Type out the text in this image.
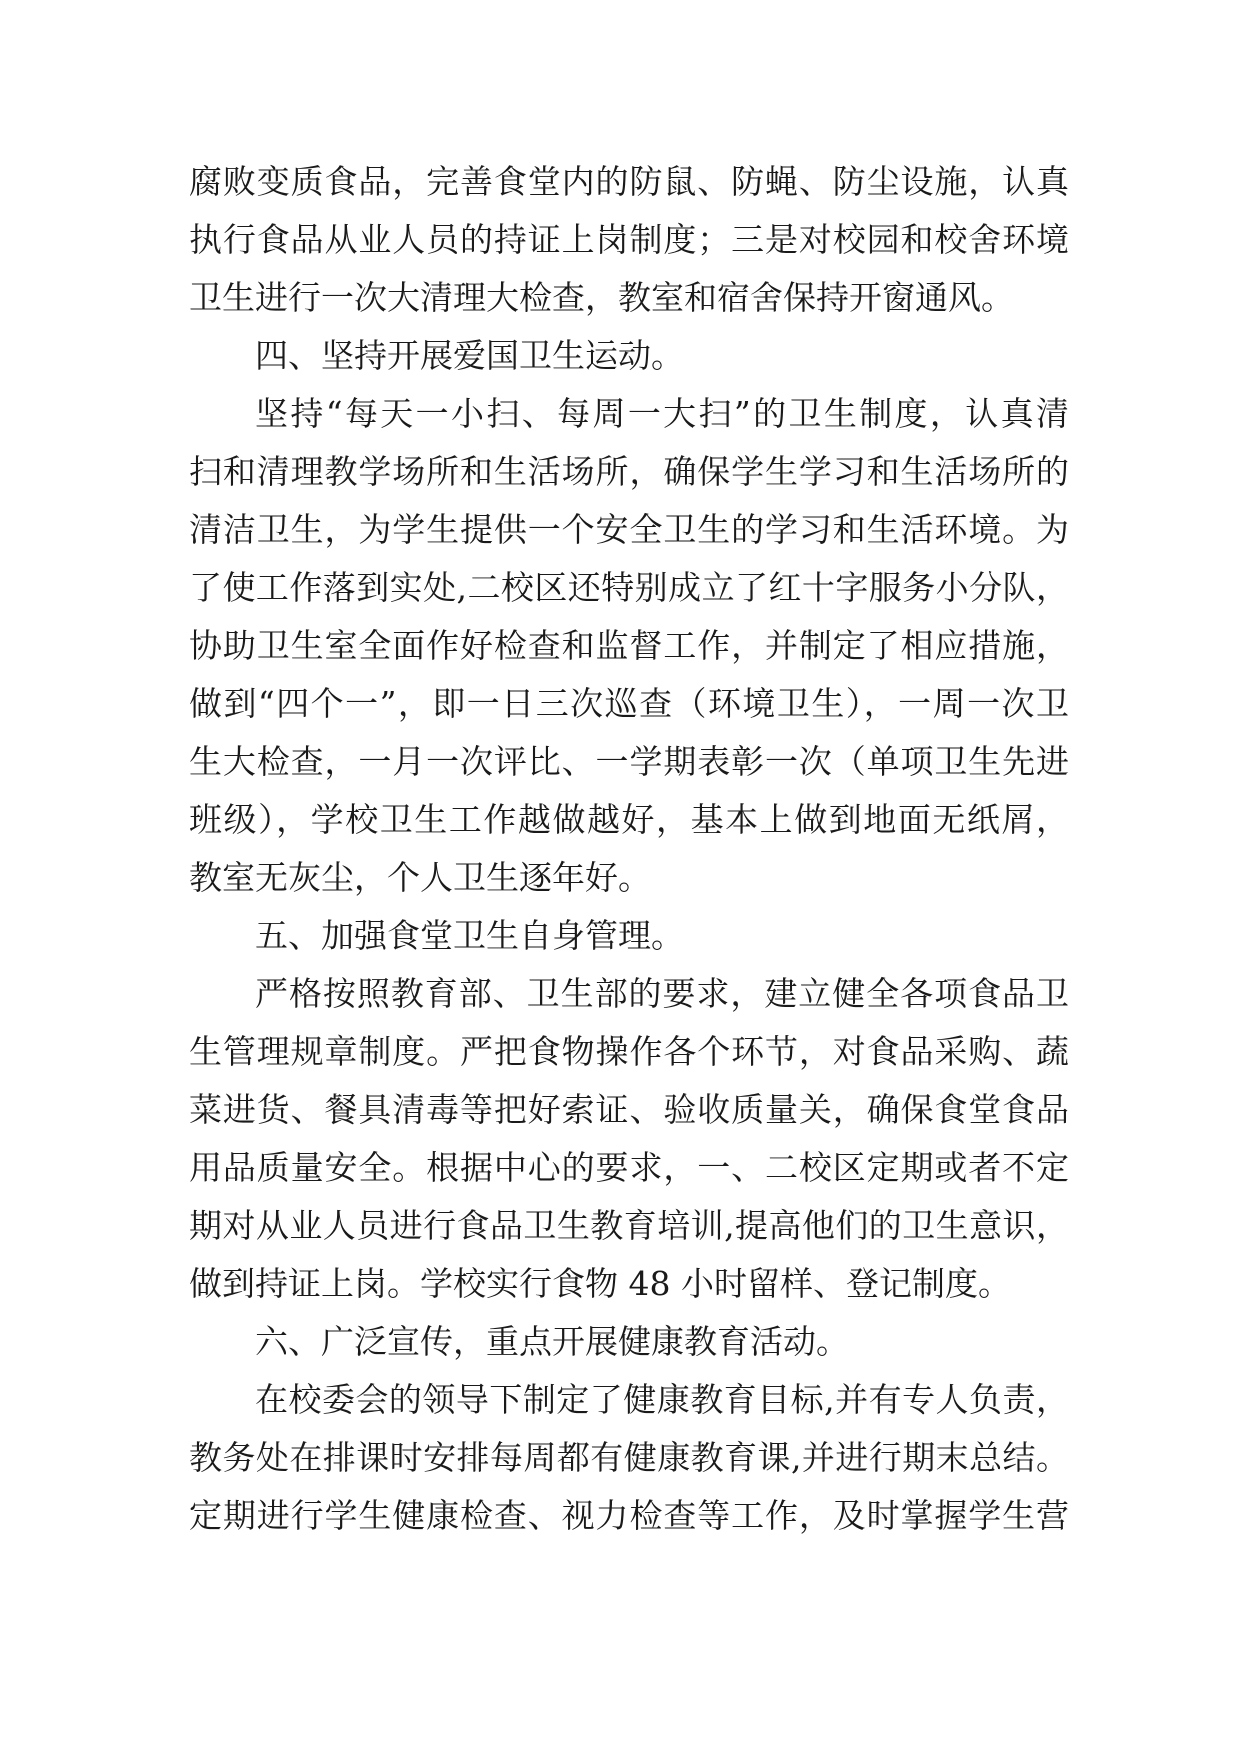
腐败变质食品，完善食堂内的防鼠、防蝇、防尘设施，认真
执行食品从业人员的持证上岗制度；三是对校园和校舍环境
卫生进行一次大清理大检查，教室和宿舍保持开窗通风。
四、坚持开展爱国卫生运动。
坚持“每天一小扫、每周一大扫”的卫生制度，认真清
扫和清理教学场所和生活场所，确保学生学习和生活场所的
清洁卫生，为学生提供一个安全卫生的学习和生活环境。为
了使工作落到实处,二校区还特别成立了红十字服务小分队，
协助卫生室全面作好检查和监督工作，并制定了相应措施，
做到“四个一”，即一日三次巡查（环境卫生），一周一次卫
生大检查，一月一次评比、一学期表彰一次（单项卫生先进
班级），学校卫生工作越做越好，基本上做到地面无纸屑，
教室无灰尘，个人卫生逐年好。
五、加强食堂卫生自身管理。
严格按照教育部、卫生部的要求，建立健全各项食品卫
生管理规章制度。严把食物操作各个环节，对食品采购、蔬
菜进货、餐具清毒等把好索证、验收质量关，确保食堂食品
用品质量安全。根据中心的要求，一、二校区定期或者不定
期对从业人员进行食品卫生教育培训,提高他们的卫生意识，
做到持证上岗。学校实行食物 48 小时留样、登记制度。
六、广泛宣传，重点开展健康教育活动。
在校委会的领导下制定了健康教育目标,并有专人负责，
教务处在排课时安排每周都有健康教育课,并进行期末总结。
定期进行学生健康检查、视力检查等工作，及时掌握学生营
